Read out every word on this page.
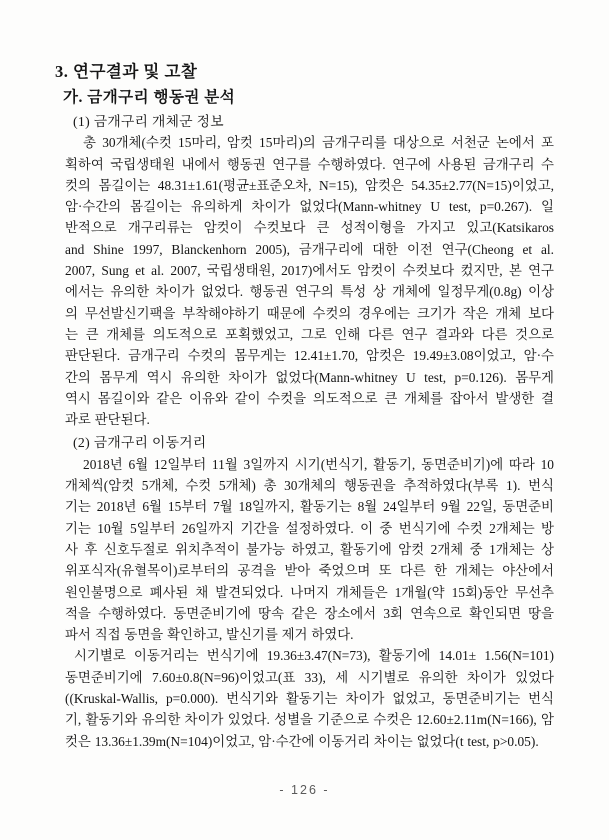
3. 연구결과 및 고찰
가. 금개구리 행동권 분석
(1) 금개구리 개체군 정보
총 30개체(수컷 15마리, 암컷 15마리)의 금개구리를 대상으로 서천군 논에서 포
획하여 국립생태원 내에서 행동권 연구를 수행하였다. 연구에 사용된 금개구리 수
컷의 몸길이는 48.31±1.61(평균±표준오차, N=15), 암컷은 54.35±2.77(N=15)이었고,
암·수간의 몸길이는 유의하게 차이가 없었다(Mann-whitney U test, p=0.267). 일
반적으로 개구리류는 암컷이 수컷보다 큰 성적이형을 가지고 있고(Katsikaros
and Shine 1997, Blanckenhorn 2005), 금개구리에 대한 이전 연구(Cheong et al.
2007, Sung et al. 2007, 국립생태원, 2017)에서도 암컷이 수컷보다 컸지만, 본 연구
에서는 유의한 차이가 없었다. 행동권 연구의 특성 상 개체에 일정무게(0.8g) 이상
의 무선발신기팩을 부착해야하기 때문에 수컷의 경우에는 크기가 작은 개체 보다
는 큰 개체를 의도적으로 포획했었고, 그로 인해 다른 연구 결과와 다른 것으로
판단된다. 금개구리 수컷의 몸무게는 12.41±1.70, 암컷은 19.49±3.08이었고, 암·수
간의 몸무게 역시 유의한 차이가 없었다(Mann-whitney U test, p=0.126). 몸무게
역시 몸길이와 같은 이유와 같이 수컷을 의도적으로 큰 개체를 잡아서 발생한 결
과로 판단된다.
(2) 금개구리 이동거리
2018년 6월 12일부터 11월 3일까지 시기(번식기, 활동기, 동면준비기)에 따라 10
개체씩(암컷 5개체, 수컷 5개체) 총 30개체의 행동권을 추적하였다(부록 1). 번식
기는 2018년 6월 15부터 7월 18일까지, 활동기는 8월 24일부터 9월 22일, 동면준비
기는 10월 5일부터 26일까지 기간을 설정하였다. 이 중 번식기에 수컷 2개체는 방
사 후 신호두절로 위치추적이 불가능 하였고, 활동기에 암컷 2개체 중 1개체는 상
위포식자(유혈목이)로부터의 공격을 받아 죽었으며 또 다른 한 개체는 야산에서
원인불명으로 폐사된 채 발견되었다. 나머지 개체들은 1개월(약 15회)동안 무선추
적을 수행하였다. 동면준비기에 땅속 같은 장소에서 3회 연속으로 확인되면 땅을
파서 직접 동면을 확인하고, 발신기를 제거 하였다.
시기별로 이동거리는 번식기에 19.36±3.47(N=73), 활동기에 14.01± 1.56(N=101)
동면준비기에 7.60±0.8(N=96)이었고(표 33), 세 시기별로 유의한 차이가 있었다
((Kruskal-Wallis, p=0.000). 번식기와 활동기는 차이가 없었고, 동면준비기는 번식
기, 활동기와 유의한 차이가 있었다. 성별을 기준으로 수컷은 12.60±2.11m(N=166), 암
컷은 13.36±1.39m(N=104)이었고, 암·수간에 이동거리 차이는 없었다(t test, p>0.05).
- 126 -
